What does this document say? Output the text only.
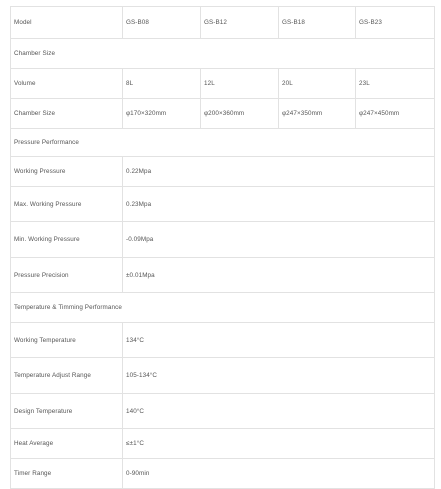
Model	GS-B08	GS-B12	GS-B18	GS-B23
Chamber Size				
Volume	8L	12L	20L	23L
Chamber Size	φ170×320mm	φ200×360mm	φ247×350mm	φ247×450mm
Pressure Performance				
Working Pressure	0.22Mpa			
Max. Working Pressure	0.23Mpa			
Min. Working Pressure	-0.09Mpa			
Pressure Precision	±0.01Mpa			
Temperature & Timming Performance				
Working Temperature	134°C			
Temperature Adjust Range	105-134°C			
Design Temperature	140°C			
Heat Average	≤±1°C			
Timer Range	0-90min			
